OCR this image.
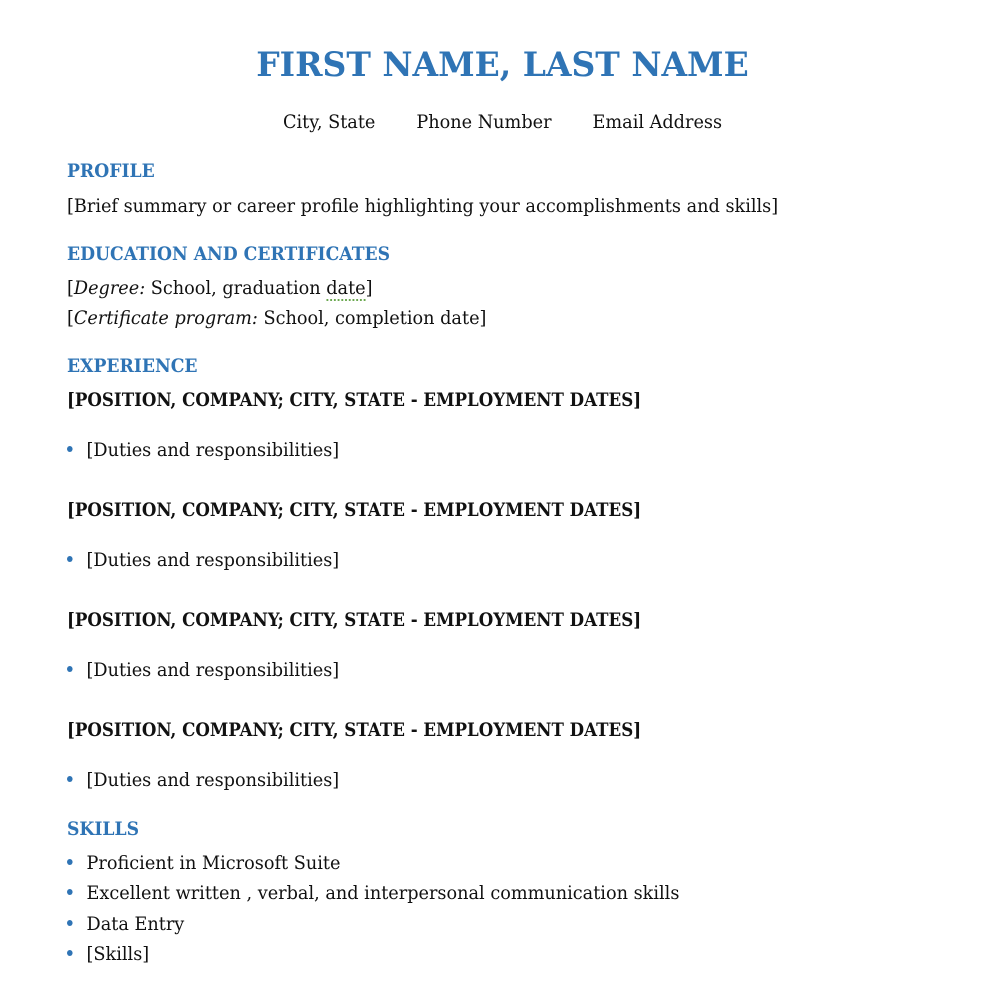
FIRST NAME, LAST NAME
City, State Phone Number Email Address
PROFILE
[Brief summary or career profile highlighting your accomplishments and skills]
EDUCATION AND CERTIFICATES
[Degree: School, graduation date]
[Certificate program: School, completion date]
EXPERIENCE
[POSITION, COMPANY; CITY, STATE - EMPLOYMENT DATES]
[Duties and responsibilities]
[POSITION, COMPANY; CITY, STATE - EMPLOYMENT DATES]
[Duties and responsibilities]
[POSITION, COMPANY; CITY, STATE - EMPLOYMENT DATES]
[Duties and responsibilities]
[POSITION, COMPANY; CITY, STATE - EMPLOYMENT DATES]
[Duties and responsibilities]
SKILLS
Proficient in Microsoft Suite
Excellent written , verbal, and interpersonal communication skills
Data Entry
[Skills]
